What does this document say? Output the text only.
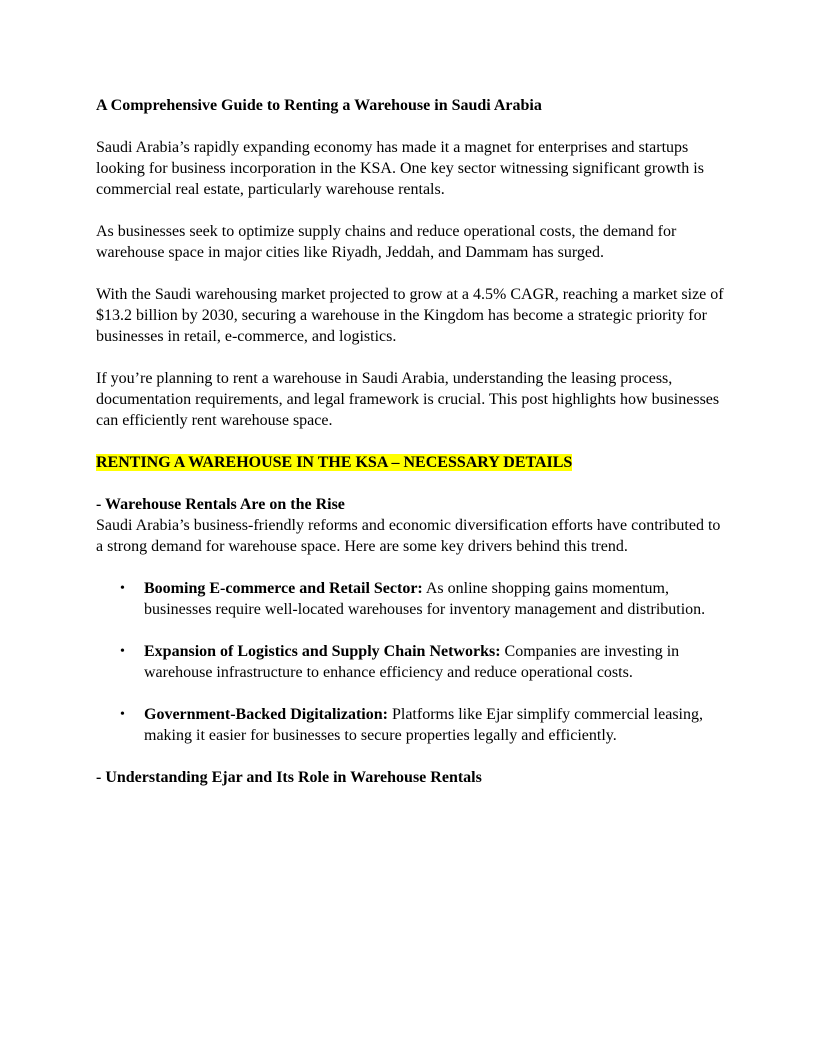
A Comprehensive Guide to Renting a Warehouse in Saudi Arabia

Saudi Arabia’s rapidly expanding economy has made it a magnet for enterprises and startups looking for business incorporation in the KSA. One key sector witnessing significant growth is commercial real estate, particularly warehouse rentals.

As businesses seek to optimize supply chains and reduce operational costs, the demand for warehouse space in major cities like Riyadh, Jeddah, and Dammam has surged.

With the Saudi warehousing market projected to grow at a 4.5% CAGR, reaching a market size of $13.2 billion by 2030, securing a warehouse in the Kingdom has become a strategic priority for businesses in retail, e-commerce, and logistics.

If you’re planning to rent a warehouse in Saudi Arabia, understanding the leasing process, documentation requirements, and legal framework is crucial. This post highlights how businesses can efficiently rent warehouse space.

RENTING A WAREHOUSE IN THE KSA – NECESSARY DETAILS
- Warehouse Rentals Are on the Rise
Saudi Arabia’s business-friendly reforms and economic diversification efforts have contributed to a strong demand for warehouse space. Here are some key drivers behind this trend.
• Booming E-commerce and Retail Sector: As online shopping gains momentum, businesses require well-located warehouses for inventory management and distribution.
• Expansion of Logistics and Supply Chain Networks: Companies are investing in warehouse infrastructure to enhance efficiency and reduce operational costs.
• Government-Backed Digitalization: Platforms like Ejar simplify commercial leasing, making it easier for businesses to secure properties legally and efficiently.
- Understanding Ejar and Its Role in Warehouse Rentals
